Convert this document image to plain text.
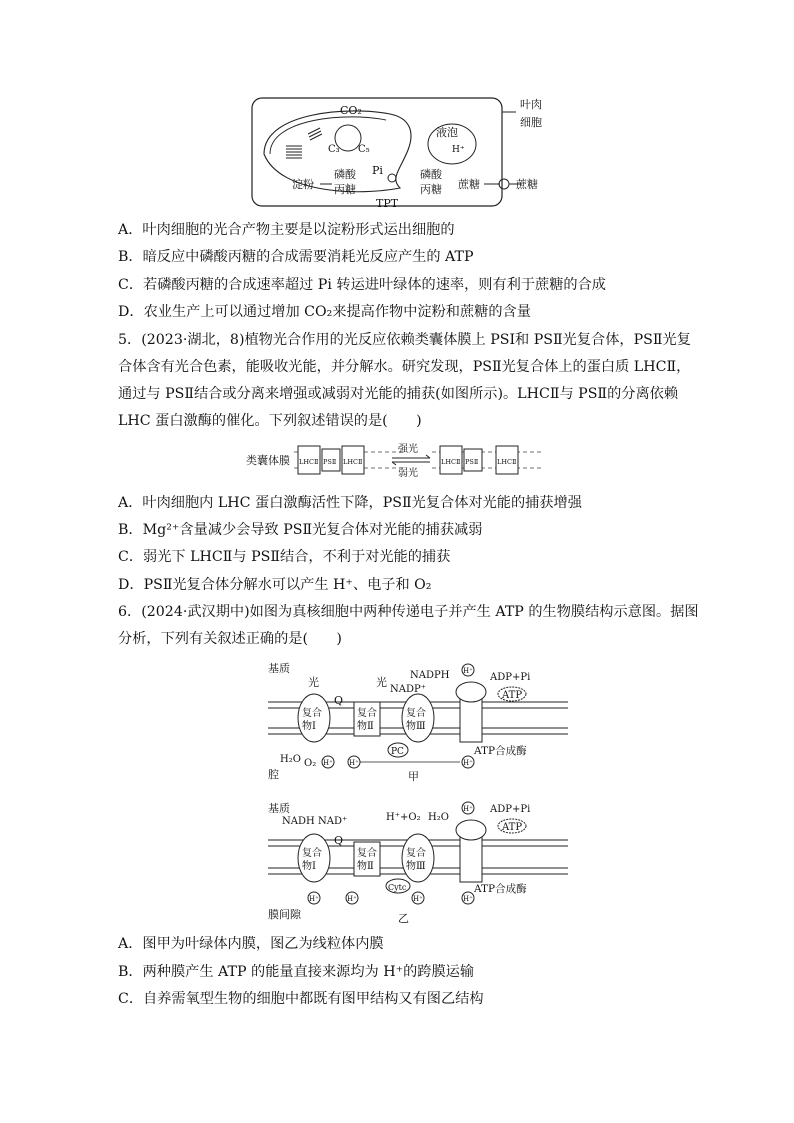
CO₂
C₃ C₅
Pi
磷酸
丙糖
淀粉
TPT
磷酸
丙糖 蔗糖	蔗糖
液泡
H⁺
叶肉
细胞
A．叶肉细胞的光合产物主要是以淀粉形式运出细胞的
B．暗反应中磷酸丙糖的合成需要消耗光反应产生的 ATP
C．若磷酸丙糖的合成速率超过 Pi 转运进叶绿体的速率，则有利于蔗糖的合成
D．农业生产上可以通过增加 CO₂来提高作物中淀粉和蔗糖的含量
5．(2023·湖北，8)植物光合作用的光反应依赖类囊体膜上 PSⅠ和 PSⅡ光复合体，PSⅡ光复
合体含有光合色素，能吸收光能，并分解水。研究发现，PSⅡ光复合体上的蛋白质 LHCⅡ，
通过与 PSⅡ结合或分离来增强或减弱对光能的捕获(如图所示)。LHCⅡ与 PSⅡ的分离依赖
LHC 蛋白激酶的催化。下列叙述错误的是(　　)
类囊体膜 LHCⅡ PSⅡ LHCⅡ	LHCⅡ PSⅡ	LHCⅡ
强光
弱光
A．叶肉细胞内 LHC 蛋白激酶活性下降，PSⅡ光复合体对光能的捕获增强
B．Mg²⁺含量减少会导致 PSⅡ光复合体对光能的捕获减弱
C．弱光下 LHCⅡ与 PSⅡ结合，不利于对光能的捕获
D．PSⅡ光复合体分解水可以产生 H⁺、电子和 O₂
6．(2024·武汉期中)如图为真核细胞中两种传递电子并产生 ATP 的生物膜结构示意图。据图
分析，下列有关叙述正确的是(　　)
基质
复合
物Ⅰ
复合
物Ⅱ
复合
物Ⅲ
光	光
NADP⁺
NADPH H⁺
ADP+Pi
ATP
Q
PC
H₂O O₂ H⁺ H⁺	H⁺
ATP合成酶
腔	甲
基质
复合
物Ⅰ
复合
物Ⅱ
复合
物Ⅲ
NADH NAD⁺	H⁺+O₂ H₂O
H⁺ ADP+Pi
ATP
Q
Cytc
H⁺	H⁺	H⁺	H⁺
ATP合成酶
膜间隙	乙
A．图甲为叶绿体内膜，图乙为线粒体内膜
B．两种膜产生 ATP 的能量直接来源均为 H⁺的跨膜运输
C．自养需氧型生物的细胞中都既有图甲结构又有图乙结构
